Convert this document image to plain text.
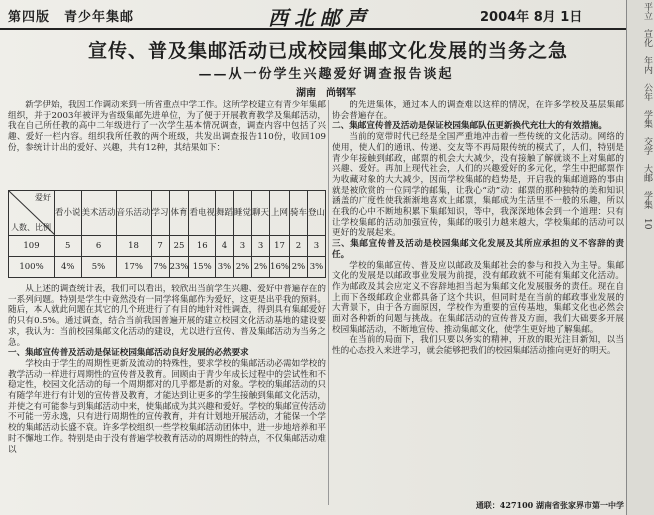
第四版　青少年集邮	西北邮声	2004年 8月 1日	平立　宣化　年内　公年　学集　交学　大邮　学集　10
宣传、普及集邮活动已成校园集邮文化发展的当务之急
——从一份学生兴趣爱好调查报告谈起
湖南　尚钢军

新学伊始，我因工作调动来到一所省重点中学工作。这所学校建立有青少年集邮组织，并于2003年被评为省级集邮先进单位，为了便于开展教育教学及集邮活动，我在自己所任教的高中二年级进行了一次学生基本情况调查，调查内容中包括了兴趣、爱好一栏内容。组织我所任教的两个班级，共发出调查报告110份，收回109份，参统计计出的爱好、兴趣，共有12种，其结果如下：

爱好
人数、比例	看小说	美术活动	音乐活动	学习	体育	看电视	舞蹈	睡觉	聊天	上网	骑车	登山
109	5	6	18	7	25	16	4	3	3	17	2	3
100%	4%	5%	17%	7%	23%	15%	3%	2%	2%	16%	2%	3%

从上述的调查统计表，我们可以看出，较欣出当前学生兴趣、爱好中普遍存在的一系列问题。特别是学生中竟然没有一同学将集邮作为爱好，这更是出乎我的预料。随后，本人就此问题在其它的几个班进行了有目的地针对性调查，得到具有集邮爱好的只有0.5%。通过调查，结合当前我国普遍开展的建立校园文化活动基地的建设要求，我认为：当前校园集邮文化活动的建设，尤以进行宣传、普及集邮活动为当务之急。

一、集邮宣传普及活动是保证校园集邮活动良好发展的必然要求

学校由于学生的周期性更新及流动的特殊性，要求学校的集邮活动必需如学校的教学活动一样进行周期性的宣传普及教育。回顾由于青少年成长过程中的尝试性和不稳定性，校园文化活动的每一个周期都对的几乎都是新的对象。学校的集邮活动的只有随学年进行有计划的宣传普及教育，才能达到让更多的学生接触到集邮文化活动，并使之有可能参与到集邮活动中来，使集邮成为其兴趣和爱好。学校的集邮宣传活动不可能一劳永逸，只有进行周期性的宣传教育，并有计划地开展活动，才能保一个学校的集邮活动长盛不衰。许多学校组织一些学校集邮活动团体中，进一步地培养和平时不懈地工作。特别是由于没有普遍学校教育活动的周期性的特点，不仅集邮活动难以

的先进集体，通过本人的调查难以这样的情况，在许多学校及基层集邮协会普遍存在。

二、集邮宣传普及活动是保证校园集邮队伍更新换代充壮大的有效措施。

当前的宽带时代已经是全国严重地冲击着一些传统的文化活动。网络的使用，使人们的通讯、传递、交友等不再局限传统的模式了，人们，特别是青少年接触到邮政，邮票的机会大大减少，没有接触了解就谈不上对集邮的兴趣、爱好。再加上现代社会，人们的兴趣爱好的多元化，学生中把邮票作为收藏对象的大大减少，因而学校集邮的趋势是，开启我的集邮道路的事由就是被欣赏的一位同学的邮集，让我心“动”动：邮票的那种独特的美和知识涵盖的广度性使我渐渐地喜欢上邮票，集邮成为生活里不一般的乐趣，所以在我的心中不断地积累下集邮知识，等中，我深深地体会到一个道理：只有让学校集邮的活动加强宣传，集邮的吸引力越来越大，学校集邮的活动可以更好的发展起来。

三、集邮宣传普及活动是校园集邮文化发展及其所应承担的义不容辞的责任。

学校的集邮宣传、普及应以邮政及集邮社会的参与和投入为主导。集邮文化的发展是以邮政事业发展为前提，没有邮政就不可能有集邮文化活动。作为邮政及其会应定义不容辞地担当起为集邮文化发展服务的责任。现在自上而下各级邮政企业都具备了这个共识，但同时是在当前的邮政事业发展的大背景下，由于各方面原因，学校作为重要的宣传基地，集邮文化也必然会面对各种新的问题与挑战。在集邮活动的宣传普及方面，我们大础要多开展校园集邮活动，不断地宣传、推动集邮文化，使学生更好地了解集邮。

在当前的局面下，我们只要以务实的精神，开放的眼光注目新知，以当性的心态投入来进学习，就会能够把我们的校园集邮活动推向更好的明天。

通联：427100 湖南省张家界市第一中学
